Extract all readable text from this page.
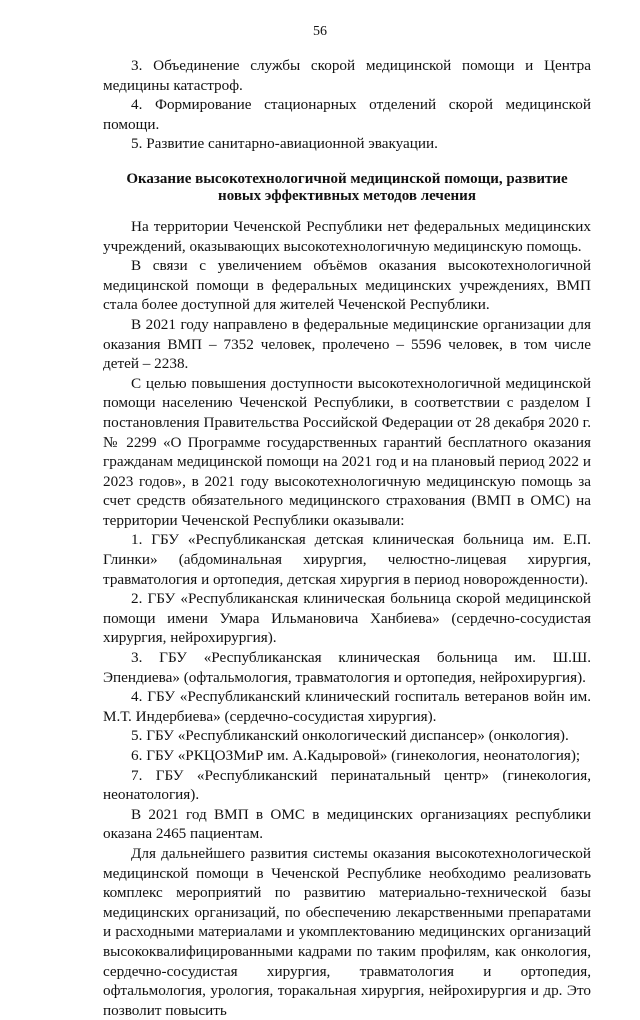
56

3. Объединение службы скорой медицинской помощи и Центра медицины катастроф.

4. Формирование стационарных отделений скорой медицинской помощи.

5. Развитие санитарно-авиационной эвакуации.

Оказание высокотехнологичной медицинской помощи, развитие новых эффективных методов лечения

На территории Чеченской Республики нет федеральных медицинских учреждений, оказывающих высокотехнологичную медицинскую помощь.

В связи с увеличением объёмов оказания высокотехнологичной медицинской помощи в федеральных медицинских учреждениях, ВМП стала более доступной для жителей Чеченской Республики.

В 2021 году направлено в федеральные медицинские организации для оказания ВМП – 7352 человек, пролечено – 5596 человек, в том числе детей – 2238.

С целью повышения доступности высокотехнологичной медицинской помощи населению Чеченской Республики, в соответствии с разделом I постановления Правительства Российской Федерации от 28 декабря 2020 г. № 2299 «О Программе государственных гарантий бесплатного оказания гражданам медицинской помощи на 2021 год и на плановый период 2022 и 2023 годов», в 2021 году высокотехнологичную медицинскую помощь за счет средств обязательного медицинского страхования (ВМП в ОМС) на территории Чеченской Республики оказывали:

1. ГБУ «Республиканская детская клиническая больница им. Е.П. Глинки» (абдоминальная хирургия, челюстно-лицевая хирургия, травматология и ортопедия, детская хирургия в период новорожденности).

2. ГБУ «Республиканская клиническая больница скорой медицинской помощи имени Умара Ильмановича Ханбиева» (сердечно-сосудистая хирургия, нейрохирургия).

3. ГБУ «Республиканская клиническая больница им. Ш.Ш. Эпендиева» (офтальмология, травматология и ортопедия, нейрохирургия).

4. ГБУ «Республиканский клинический госпиталь ветеранов войн им. М.Т. Индербиева» (сердечно-сосудистая хирургия).

5. ГБУ «Республиканский онкологический диспансер» (онкология).

6. ГБУ «РКЦОЗМиР им. А.Кадыровой» (гинекология, неонатология);

7. ГБУ «Республиканский перинатальный центр» (гинекология, неонатология).

В 2021 год ВМП в ОМС в медицинских организациях республики оказана 2465 пациентам.

Для дальнейшего развития системы оказания высокотехнологической медицинской помощи в Чеченской Республике необходимо реализовать комплекс мероприятий по развитию материально-технической базы медицинских организаций, по обеспечению лекарственными препаратами и расходными материалами и укомплектованию медицинских организаций высококвалифицированными кадрами по таким профилям, как онкология, сердечно-сосудистая хирургия, травматология и ортопедия, офтальмология, урология, торакальная хирургия, нейрохирургия и др. Это позволит повысить
